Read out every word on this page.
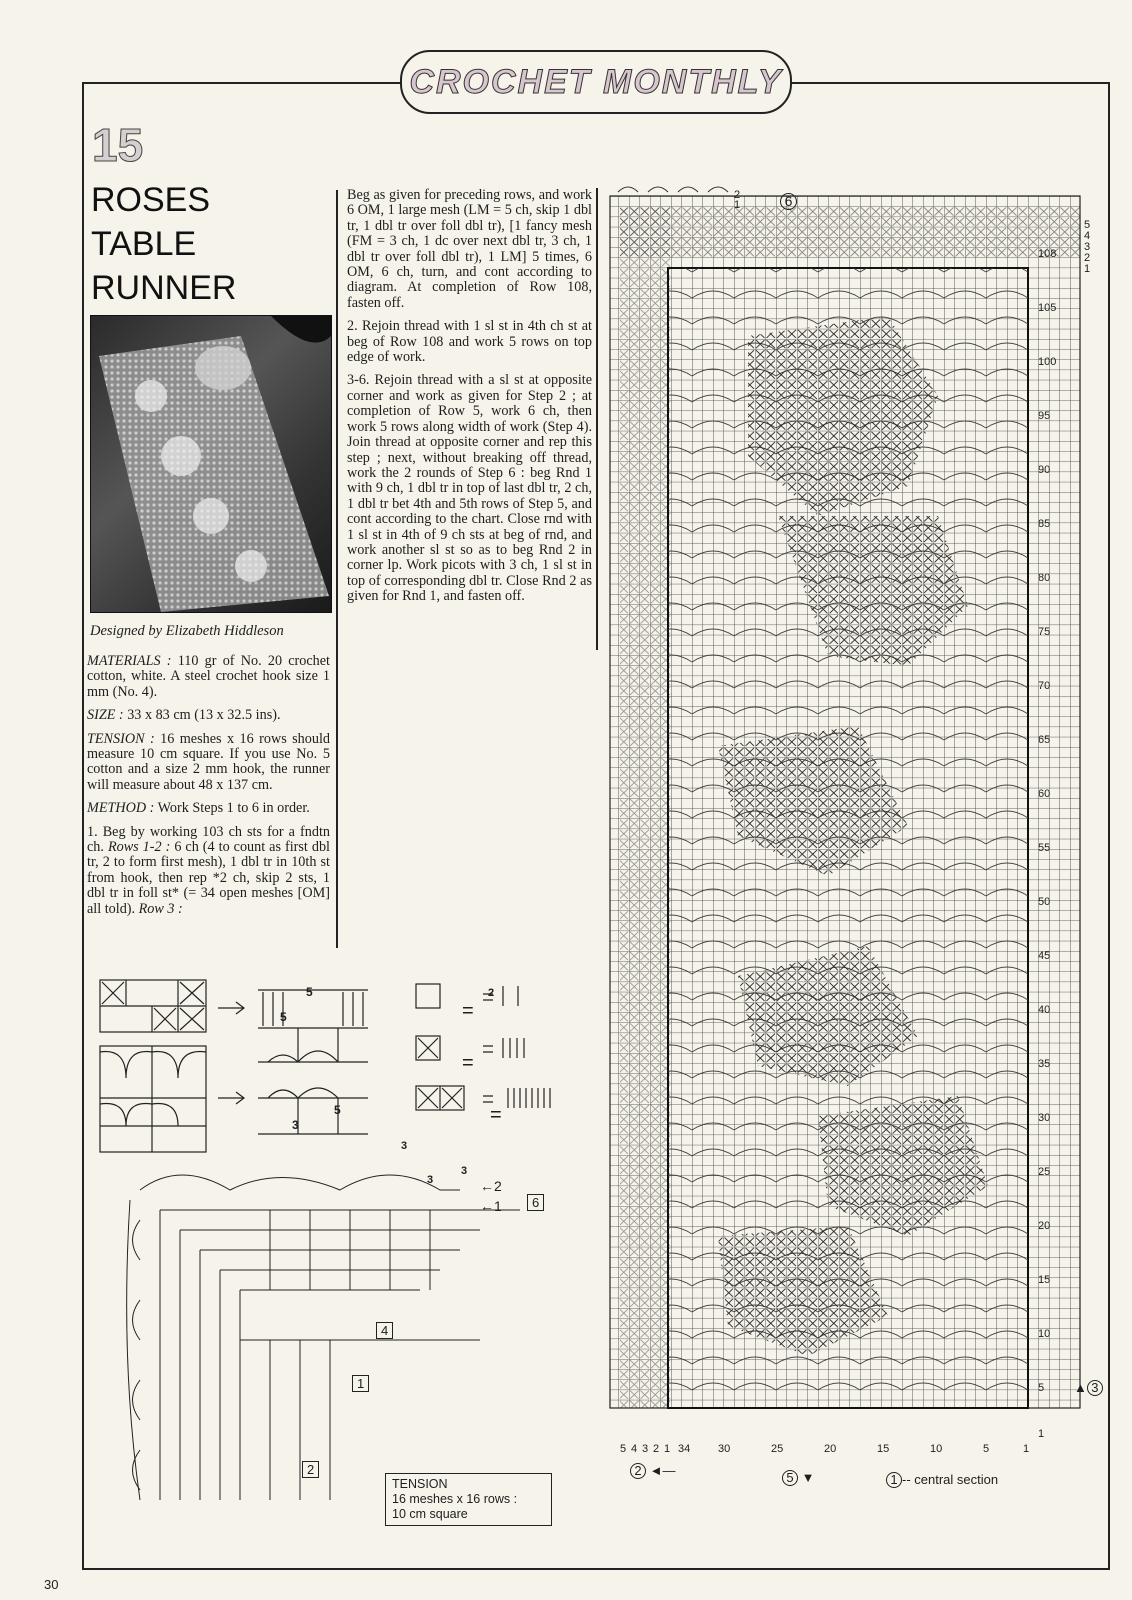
CROCHET MONTHLY
15
ROSES
TABLE
RUNNER
Designed by Elizabeth Hiddleson

MATERIALS : 110 gr of No. 20 crochet cotton, white. A steel crochet hook size 1 mm (No. 4).

SIZE : 33 x 83 cm (13 x 32.5 ins).

TENSION : 16 meshes x 16 rows should measure 10 cm square. If you use No. 5 cotton and a size 2 mm hook, the runner will measure about 48 x 137 cm.

METHOD : Work Steps 1 to 6 in order.

1. Beg by working 103 ch sts for a fndtn ch. Rows 1-2 : 6 ch (4 to count as first dbl tr, 2 to form first mesh), 1 dbl tr in 10th st from hook, then rep *2 ch, skip 2 sts, 1 dbl tr in foll st* (= 34 open meshes [OM] all told). Row 3 :

Beg as given for preceding rows, and work 6 OM, 1 large mesh (LM = 5 ch, skip 1 dbl tr, 1 dbl tr over foll dbl tr), [1 fancy mesh (FM = 3 ch, 1 dc over next dbl tr, 3 ch, 1 dbl tr over foll dbl tr), 1 LM] 5 times, 6 OM, 6 ch, turn, and cont according to diagram. At completion of Row 108, fasten off.

2. Rejoin thread with 1 sl st in 4th ch st at beg of Row 108 and work 5 rows on top edge of work.

3-6. Rejoin thread with a sl st at opposite corner and work as given for Step 2 ; at completion of Row 5, work 6 ch, then work 5 rows along width of work (Step 4). Join thread at opposite corner and rep this step ; next, without breaking off thread, work the 2 rounds of Step 6 : beg Rnd 1 with 9 ch, 1 dbl tr in top of last dbl tr, 2 ch, 1 dbl tr bet 4th and 5th rows of Step 5, and cont according to the chart. Close rnd with 1 sl st in 4th of 9 ch sts at beg of rnd, and work another sl st so as to beg Rnd 2 in corner lp. Work picots with 3 ch, 1 sl st in top of corresponding dbl tr. Close Rnd 2 as given for Rnd 1, and fasten off.

108
105
100
95
90
85
80
75
70
65
60
55
50
45
40
35
30
25
20
15
10
5
1
5
4
3
2
1
2
1	6
5 4 3 2 1 34	30	25	20	15	10	5	1
2 ◄—	5 ▼	1 -- central section
▲ 3
5
5
3
5
2
=
=
=
6
4
1
2
←2
←1
3
3
3
TENSION
16 meshes x 16 rows :
10 cm square
30
